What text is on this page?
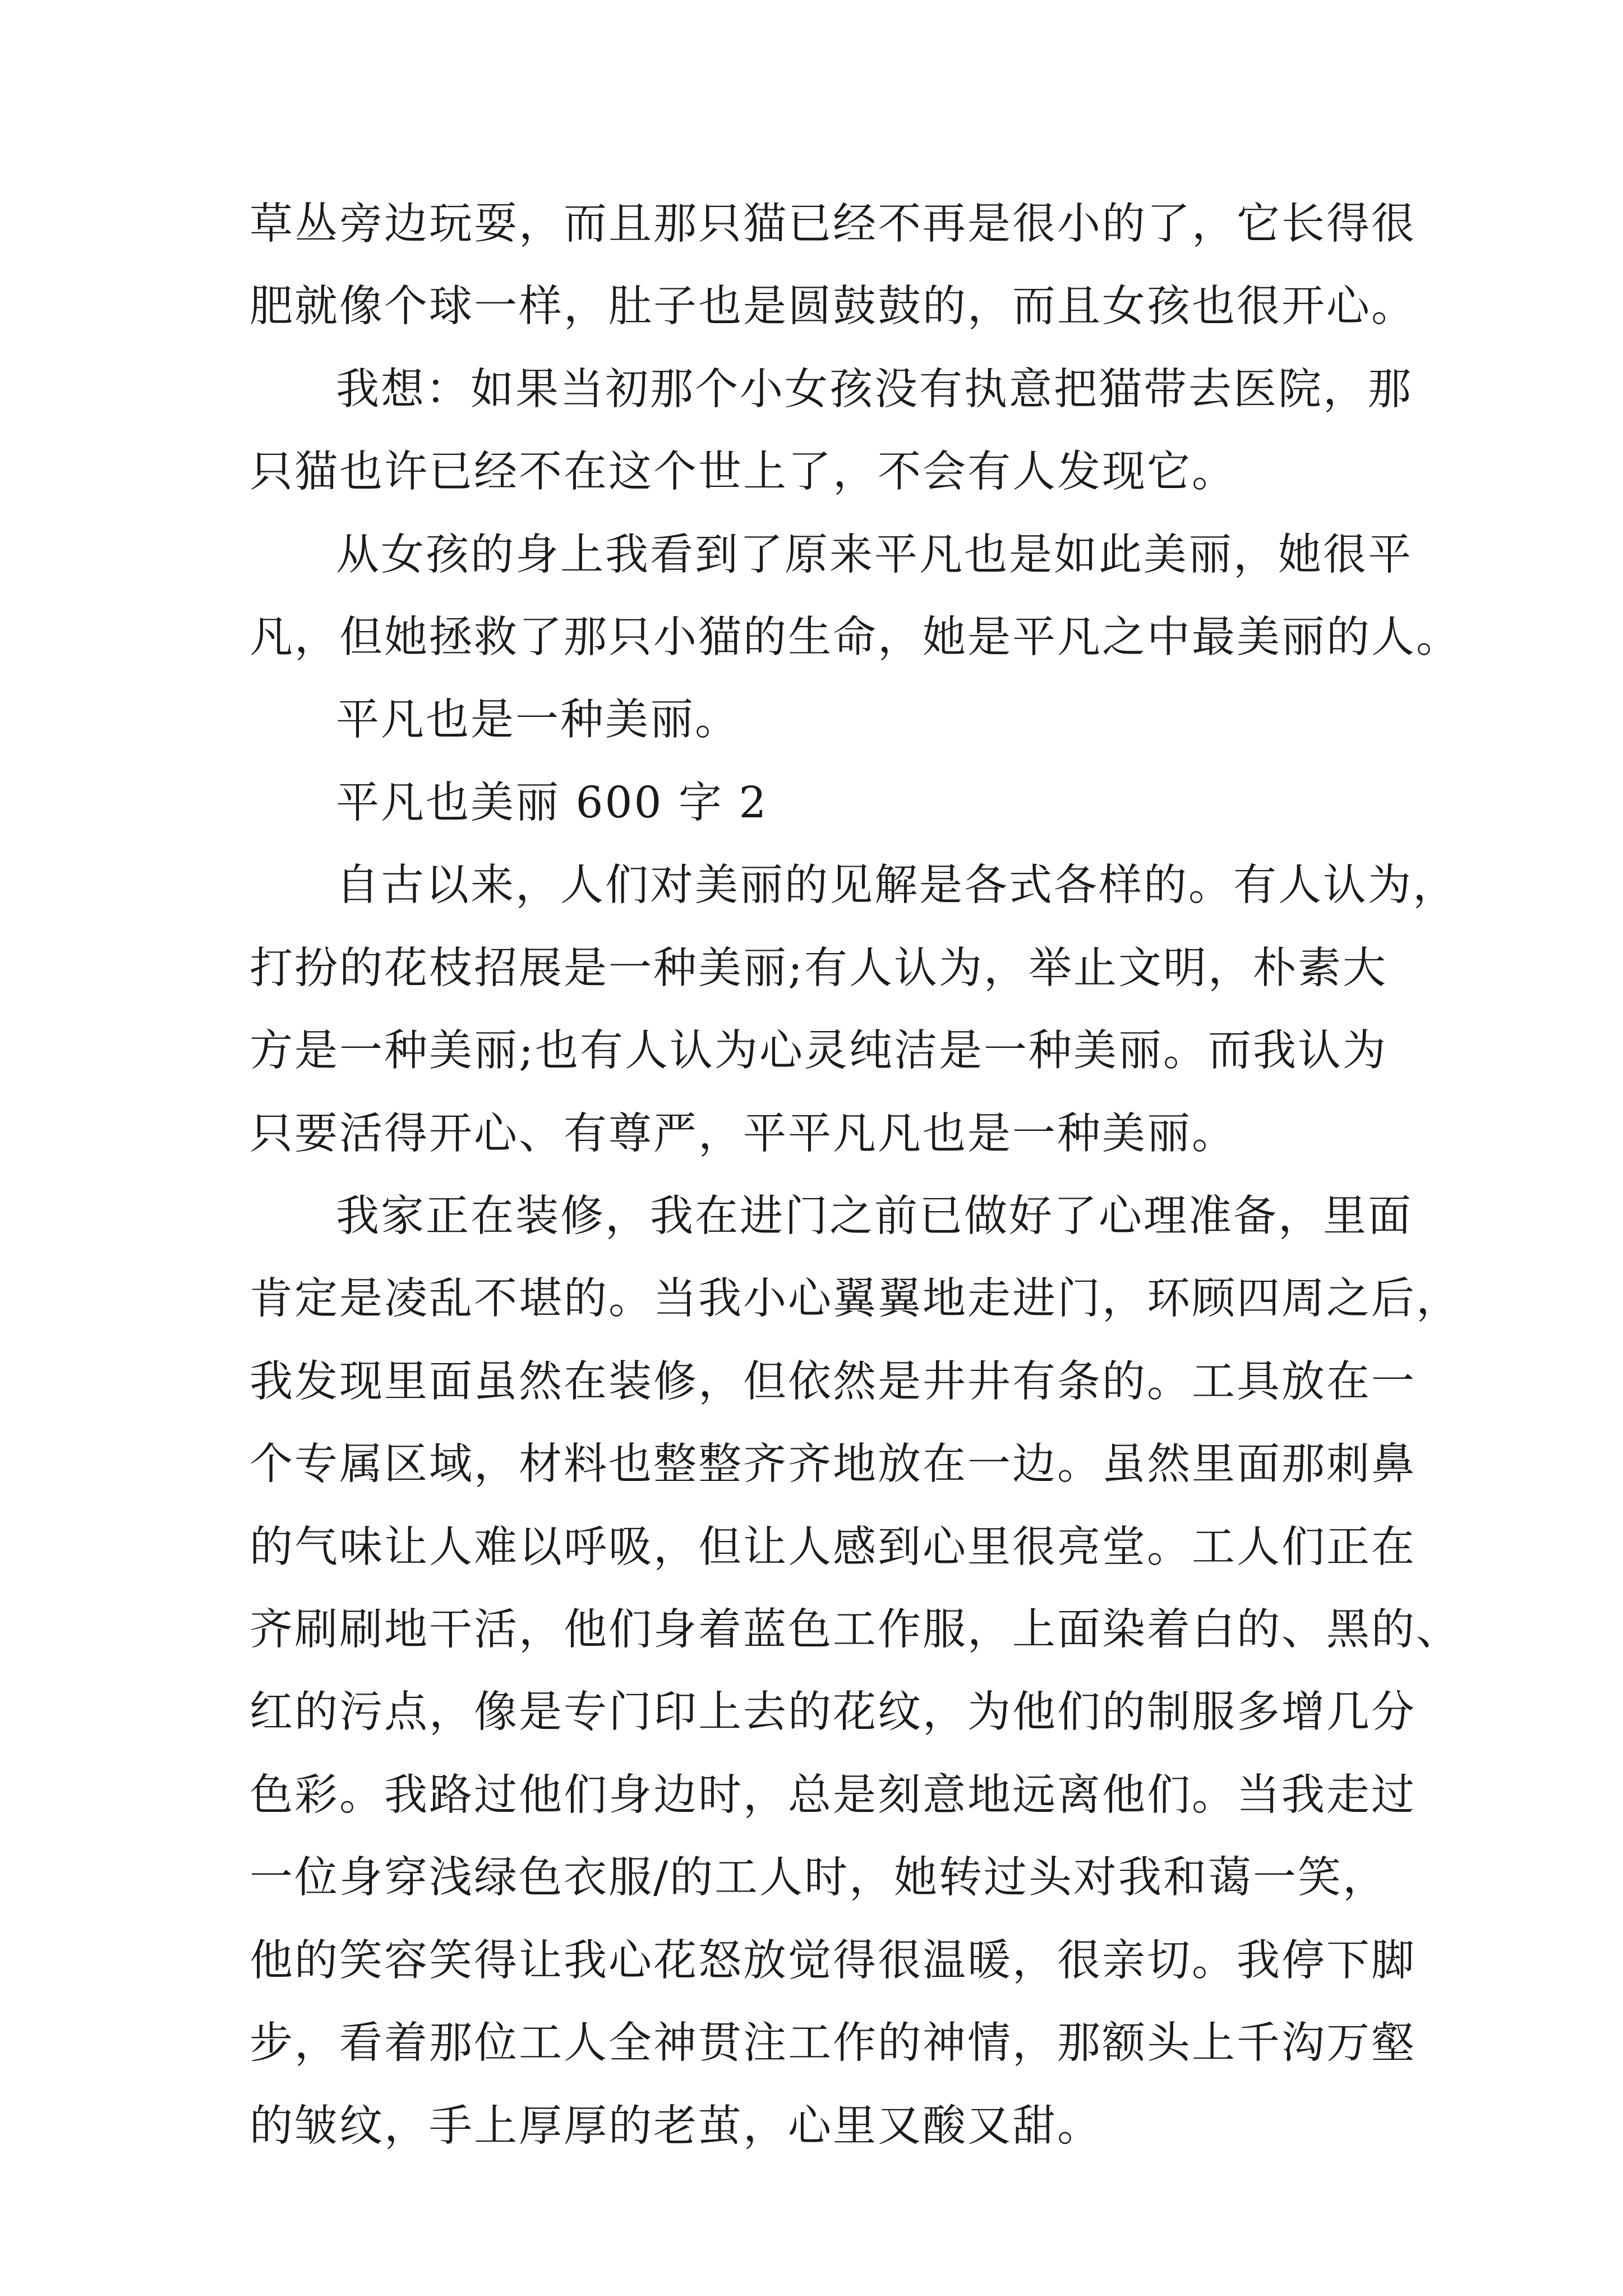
草丛旁边玩耍，而且那只猫已经不再是很小的了，它长得很
肥就像个球一样，肚子也是圆鼓鼓的，而且女孩也很开心。
我想：如果当初那个小女孩没有执意把猫带去医院，那
只猫也许已经不在这个世上了，不会有人发现它。
从女孩的身上我看到了原来平凡也是如此美丽，她很平
凡，但她拯救了那只小猫的生命，她是平凡之中最美丽的人。
平凡也是一种美丽。
平凡也美丽 600 字 2
自古以来，人们对美丽的见解是各式各样的。有人认为，
打扮的花枝招展是一种美丽;有人认为，举止文明，朴素大
方是一种美丽;也有人认为心灵纯洁是一种美丽。而我认为
只要活得开心、有尊严，平平凡凡也是一种美丽。
我家正在装修，我在进门之前已做好了心理准备，里面
肯定是凌乱不堪的。当我小心翼翼地走进门，环顾四周之后，
我发现里面虽然在装修，但依然是井井有条的。工具放在一
个专属区域，材料也整整齐齐地放在一边。虽然里面那刺鼻
的气味让人难以呼吸，但让人感到心里很亮堂。工人们正在
齐刷刷地干活，他们身着蓝色工作服，上面染着白的、黑的、
红的污点，像是专门印上去的花纹，为他们的制服多增几分
色彩。我路过他们身边时，总是刻意地远离他们。当我走过
一位身穿浅绿色衣服/的工人时，她转过头对我和蔼一笑，
他的笑容笑得让我心花怒放觉得很温暖，很亲切。我停下脚
步，看着那位工人全神贯注工作的神情，那额头上千沟万壑
的皱纹，手上厚厚的老茧，心里又酸又甜。
